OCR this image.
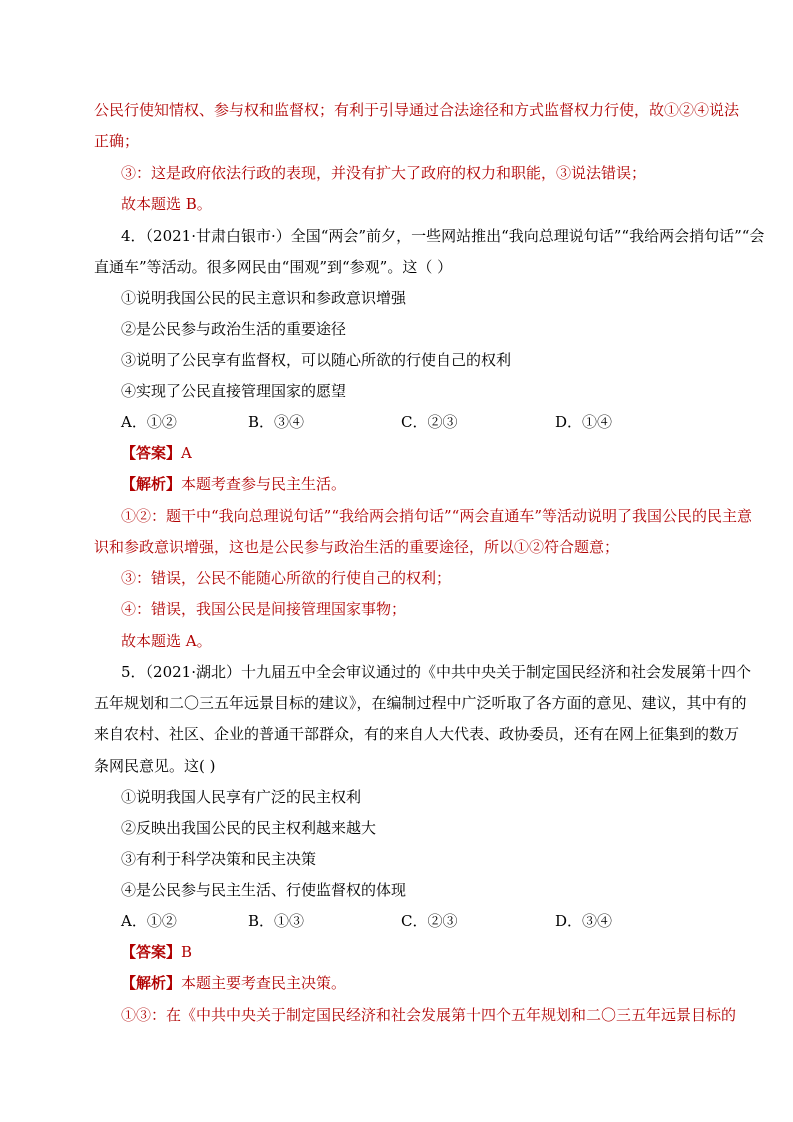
公民行使知情权、参与权和监督权；有利于引导通过合法途径和方式监督权力行使，故①②④说法
正确；
③：这是政府依法行政的表现，并没有扩大了政府的权力和职能，③说法错误；
故本题选 B。
4．（2021·甘肃白银市·）全国“两会”前夕，一些网站推出“我向总理说句话”“我给两会捎句话”“会
直通车”等活动。很多网民由“围观”到“参观”。这（ ）
①说明我国公民的民主意识和参政意识增强
②是公民参与政治生活的重要途径
③说明了公民享有监督权，可以随心所欲的行使自己的权利
④实现了公民直接管理国家的愿望
A．①②	B．③④	C．②③	D．①④
【答案】A
【解析】本题考查参与民主生活。
①②：题干中“我向总理说句话”“我给两会捎句话”“两会直通车”等活动说明了我国公民的民主意
识和参政意识增强，这也是公民参与政治生活的重要途径，所以①②符合题意；
③：错误，公民不能随心所欲的行使自己的权利；
④：错误，我国公民是间接管理国家事物；
故本题选 A。
5．（2021·湖北）十九届五中全会审议通过的《中共中央关于制定国民经济和社会发展第十四个
五年规划和二〇三五年远景目标的建议》，在编制过程中广泛听取了各方面的意见、建议，其中有的
来自农村、社区、企业的普通干部群众，有的来自人大代表、政协委员，还有在网上征集到的数万
条网民意见。这( )
①说明我国人民享有广泛的民主权利
②反映出我国公民的民主权利越来越大
③有利于科学决策和民主决策
④是公民参与民主生活、行使监督权的体现
A．①②	B．①③	C．②③	D．③④
【答案】B
【解析】本题主要考查民主决策。
①③：在《中共中央关于制定国民经济和社会发展第十四个五年规划和二〇三五年远景目标的
